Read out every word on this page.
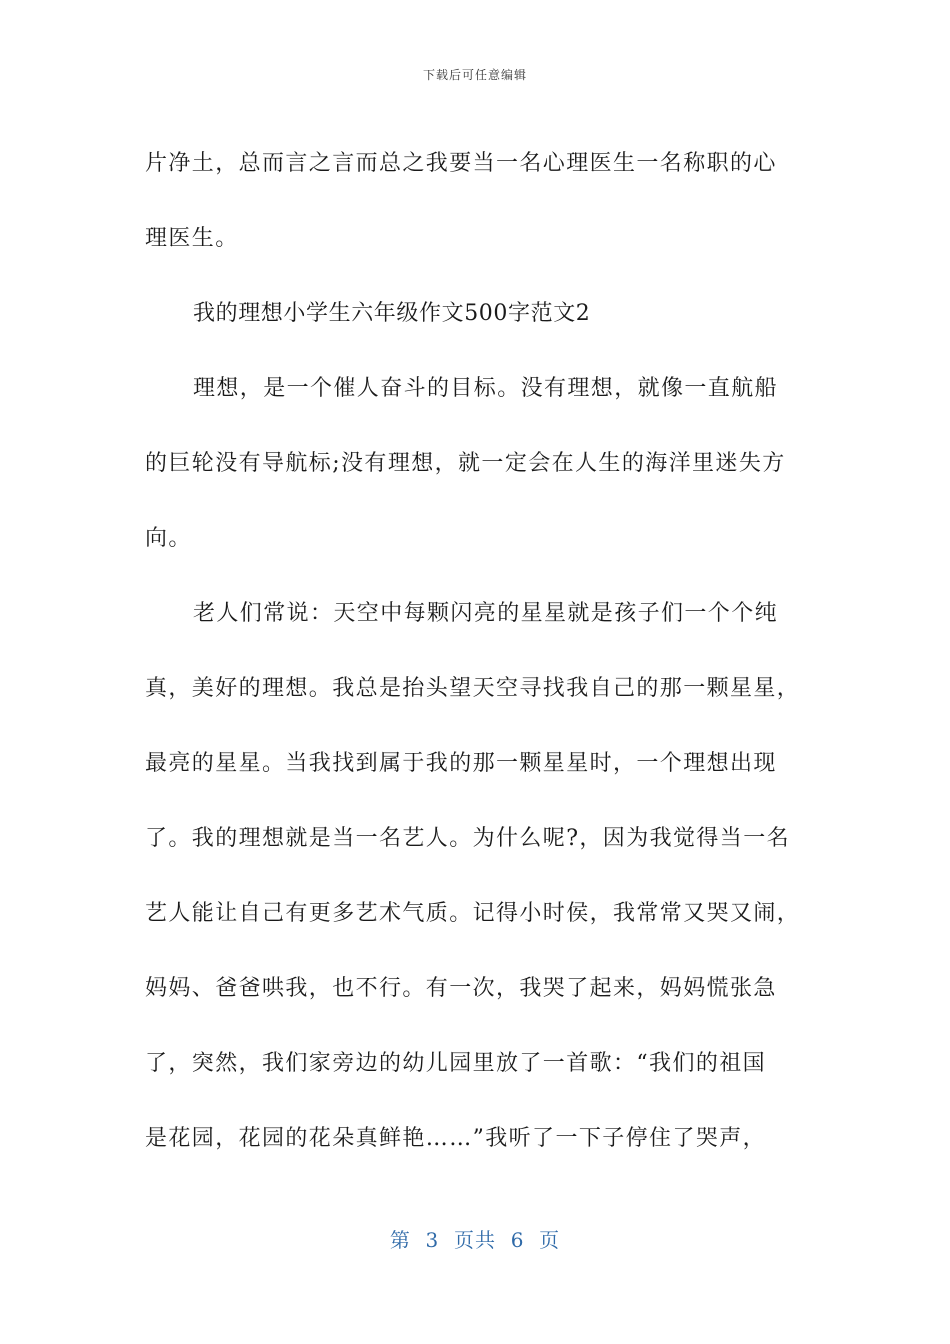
下载后可任意编辑

片净土，总而言之言而总之我要当一名心理医生一名称职的心
理医生。

我的理想小学生六年级作文500字范文2

理想，是一个催人奋斗的目标。没有理想，就像一直航船
的巨轮没有导航标;没有理想，就一定会在人生的海洋里迷失方
向。

老人们常说：天空中每颗闪亮的星星就是孩子们一个个纯
真，美好的理想。我总是抬头望天空寻找我自己的那一颗星星，
最亮的星星。当我找到属于我的那一颗星星时，一个理想出现
了。我的理想就是当一名艺人。为什么呢?，因为我觉得当一名
艺人能让自己有更多艺术气质。记得小时侯，我常常又哭又闹，
妈妈、爸爸哄我，也不行。有一次，我哭了起来，妈妈慌张急
了，突然，我们家旁边的幼儿园里放了一首歌：“我们的祖国
是花园，花园的花朵真鲜艳……”我听了一下子停住了哭声，

第  3  页共  6  页
